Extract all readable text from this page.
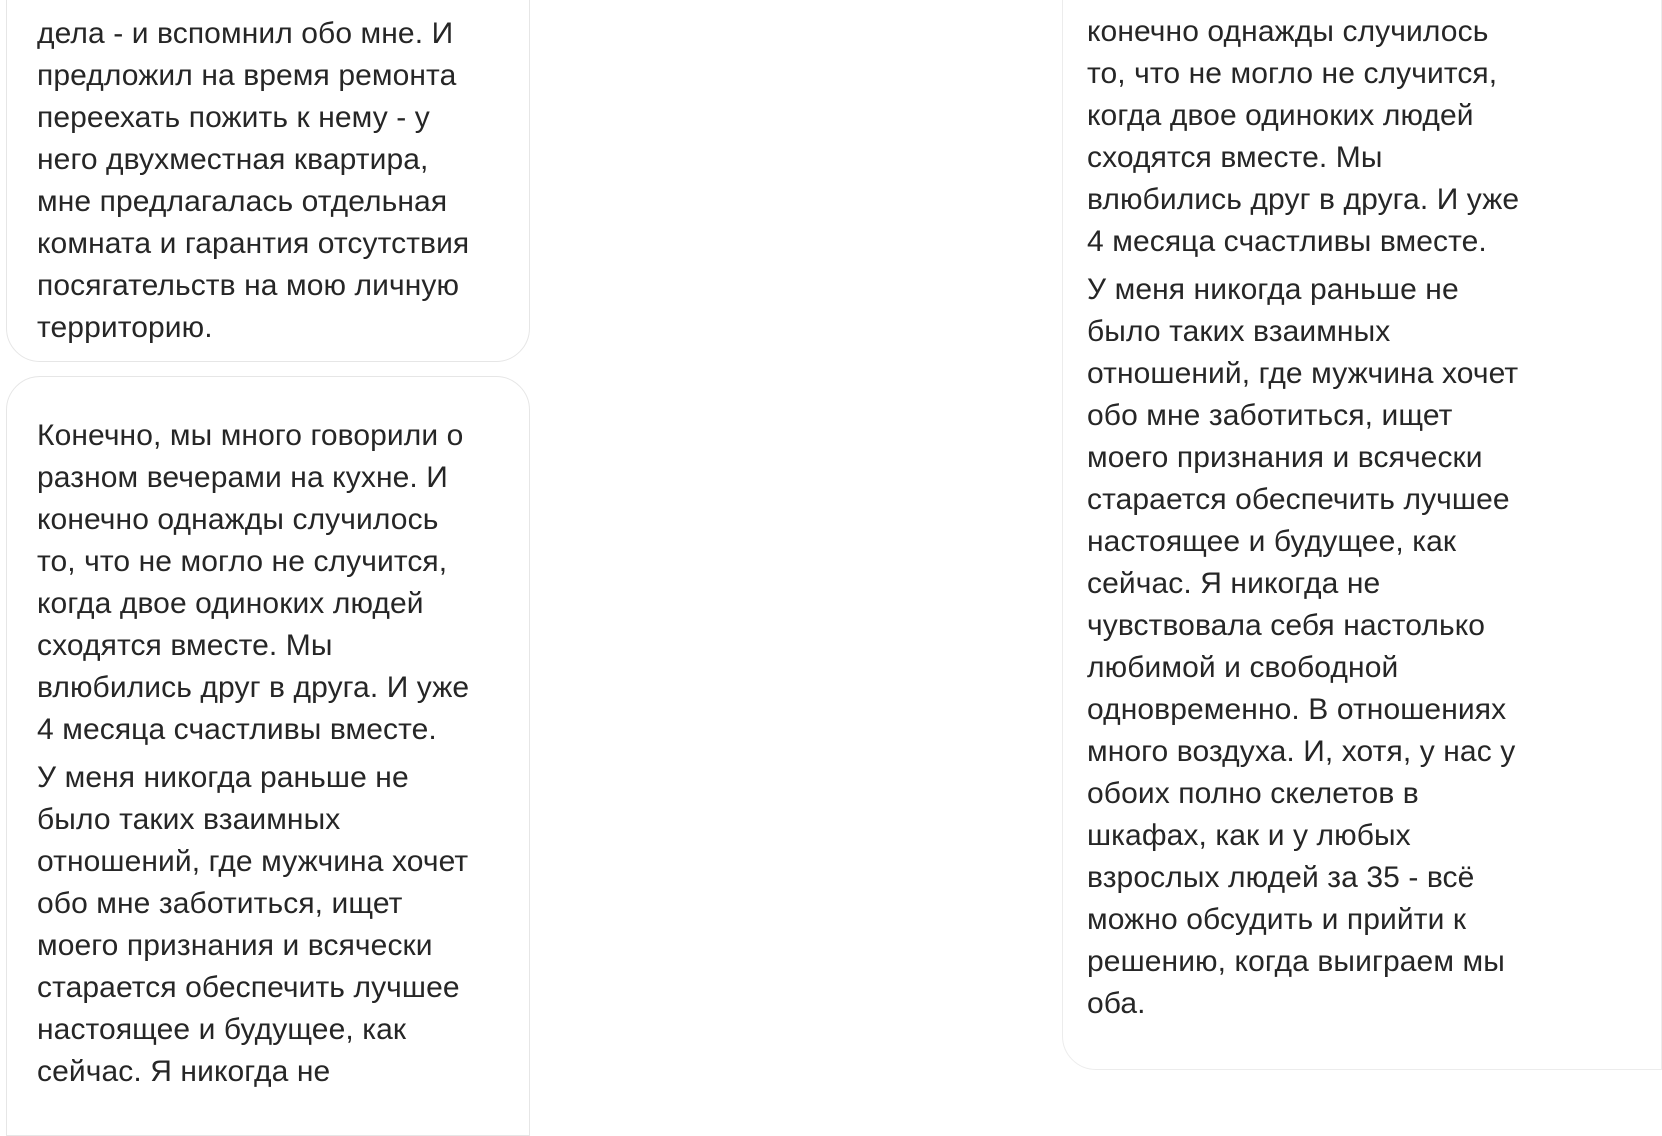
дела - и вспомнил обо мне. И
предложил на время ремонта
переехать пожить к нему - у
него двухместная квартира,
мне предлагалась отдельная
комната и гарантия отсутствия
посягательств на мою личную
территорию.
Конечно, мы много говорили о
разном вечерами на кухне. И
конечно однажды случилось
то, что не могло не случится,
когда двое одиноких людей
сходятся вместе. Мы
влюбились друг в друга. И уже
4 месяца счастливы вместе.
У меня никогда раньше не
было таких взаимных
отношений, где мужчина хочет
обо мне заботиться, ищет
моего признания и всячески
старается обеспечить лучшее
настоящее и будущее, как
сейчас. Я никогда не
конечно однажды случилось
то, что не могло не случится,
когда двое одиноких людей
сходятся вместе. Мы
влюбились друг в друга. И уже
4 месяца счастливы вместе.
У меня никогда раньше не
было таких взаимных
отношений, где мужчина хочет
обо мне заботиться, ищет
моего признания и всячески
старается обеспечить лучшее
настоящее и будущее, как
сейчас. Я никогда не
чувствовала себя настолько
любимой и свободной
одновременно. В отношениях
много воздуха. И, хотя, у нас у
обоих полно скелетов в
шкафах, как и у любых
взрослых людей за 35 - всё
можно обсудить и прийти к
решению, когда выиграем мы
оба.
